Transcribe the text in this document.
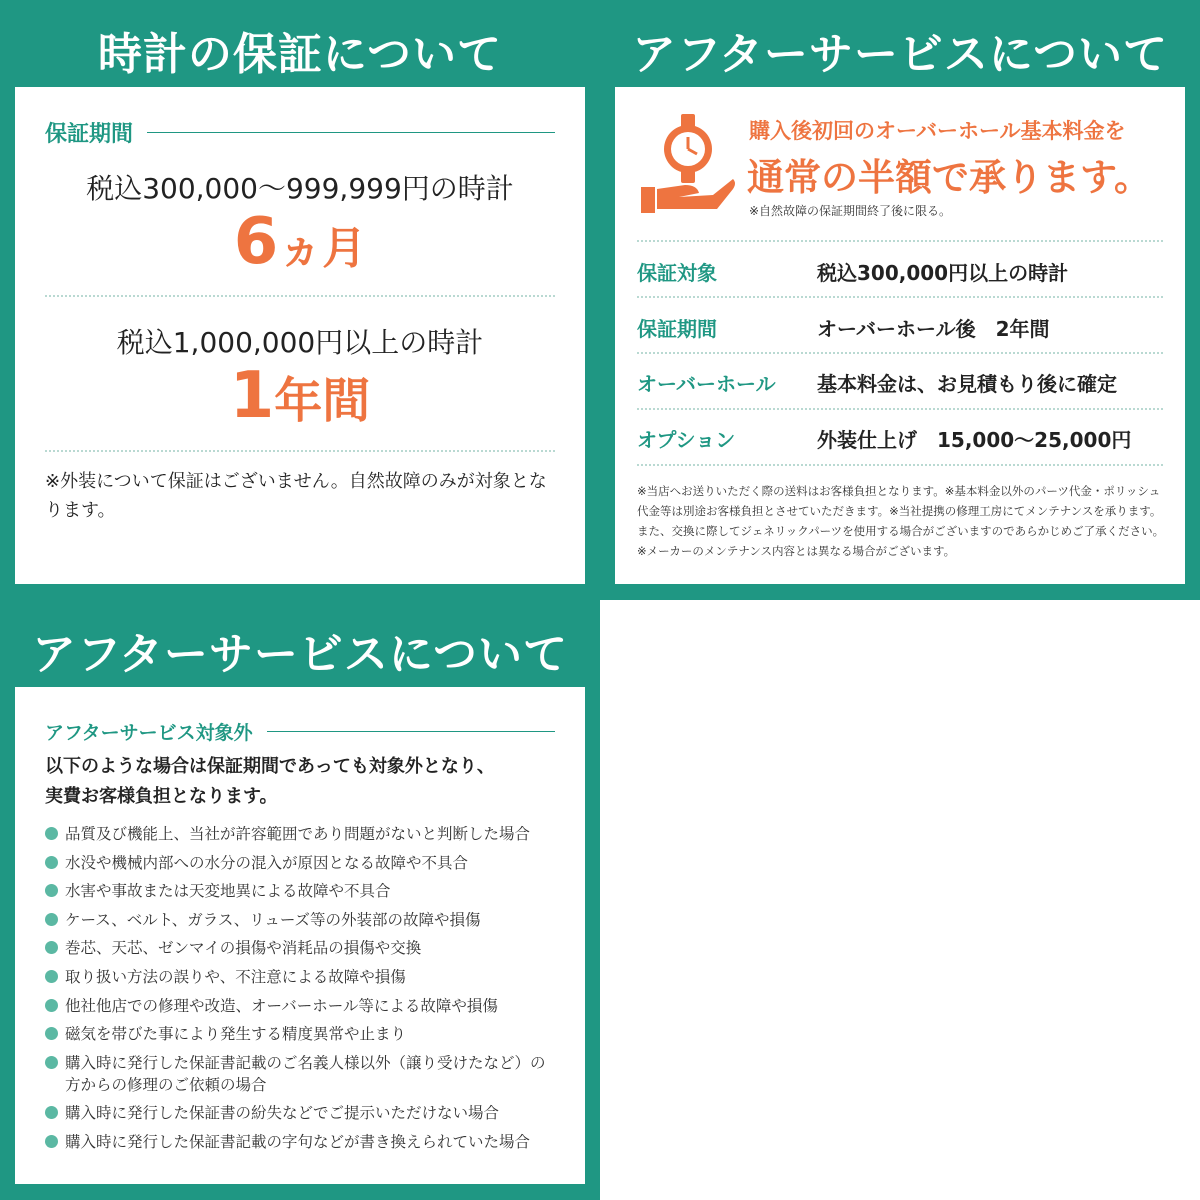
時計の保証について
保証期間
税込300,000〜999,999円の時計
6ヵ月
税込1,000,000円以上の時計
1年間
※外装について保証はございません。自然故障のみが対象となります。
アフターサービスについて
購入後初回のオーバーホール基本料金を
通常の半額で承ります。
※自然故障の保証期間終了後に限る。
保証対象	税込300,000円以上の時計
保証期間	オーバーホール後　2年間
オーバーホール	基本料金は、お見積もり後に確定
オプション	外装仕上げ　15,000〜25,000円
※当店へお送りいただく際の送料はお客様負担となります。※基本料金以外のパーツ代金・ポリッシュ代金等は別途お客様負担とさせていただきます。※当社提携の修理工房にてメンテナンスを承ります。また、交換に際してジェネリックパーツを使用する場合がございますのであらかじめご了承ください。※メーカーのメンテナンス内容とは異なる場合がございます。
アフターサービスについて
アフターサービス対象外
以下のような場合は保証期間であっても対象外となり、
実費お客様負担となります。
品質及び機能上、当社が許容範囲であり問題がないと判断した場合
水没や機械内部への水分の混入が原因となる故障や不具合
水害や事故または天変地異による故障や不具合
ケース、ベルト、ガラス、リューズ等の外装部の故障や損傷
巻芯、天芯、ゼンマイの損傷や消耗品の損傷や交換
取り扱い方法の誤りや、不注意による故障や損傷
他社他店での修理や改造、オーバーホール等による故障や損傷
磁気を帯びた事により発生する精度異常や止まり
購入時に発行した保証書記載のご名義人様以外（譲り受けたなど）の方からの修理のご依頼の場合
購入時に発行した保証書の紛失などでご提示いただけない場合
購入時に発行した保証書記載の字句などが書き換えられていた場合
